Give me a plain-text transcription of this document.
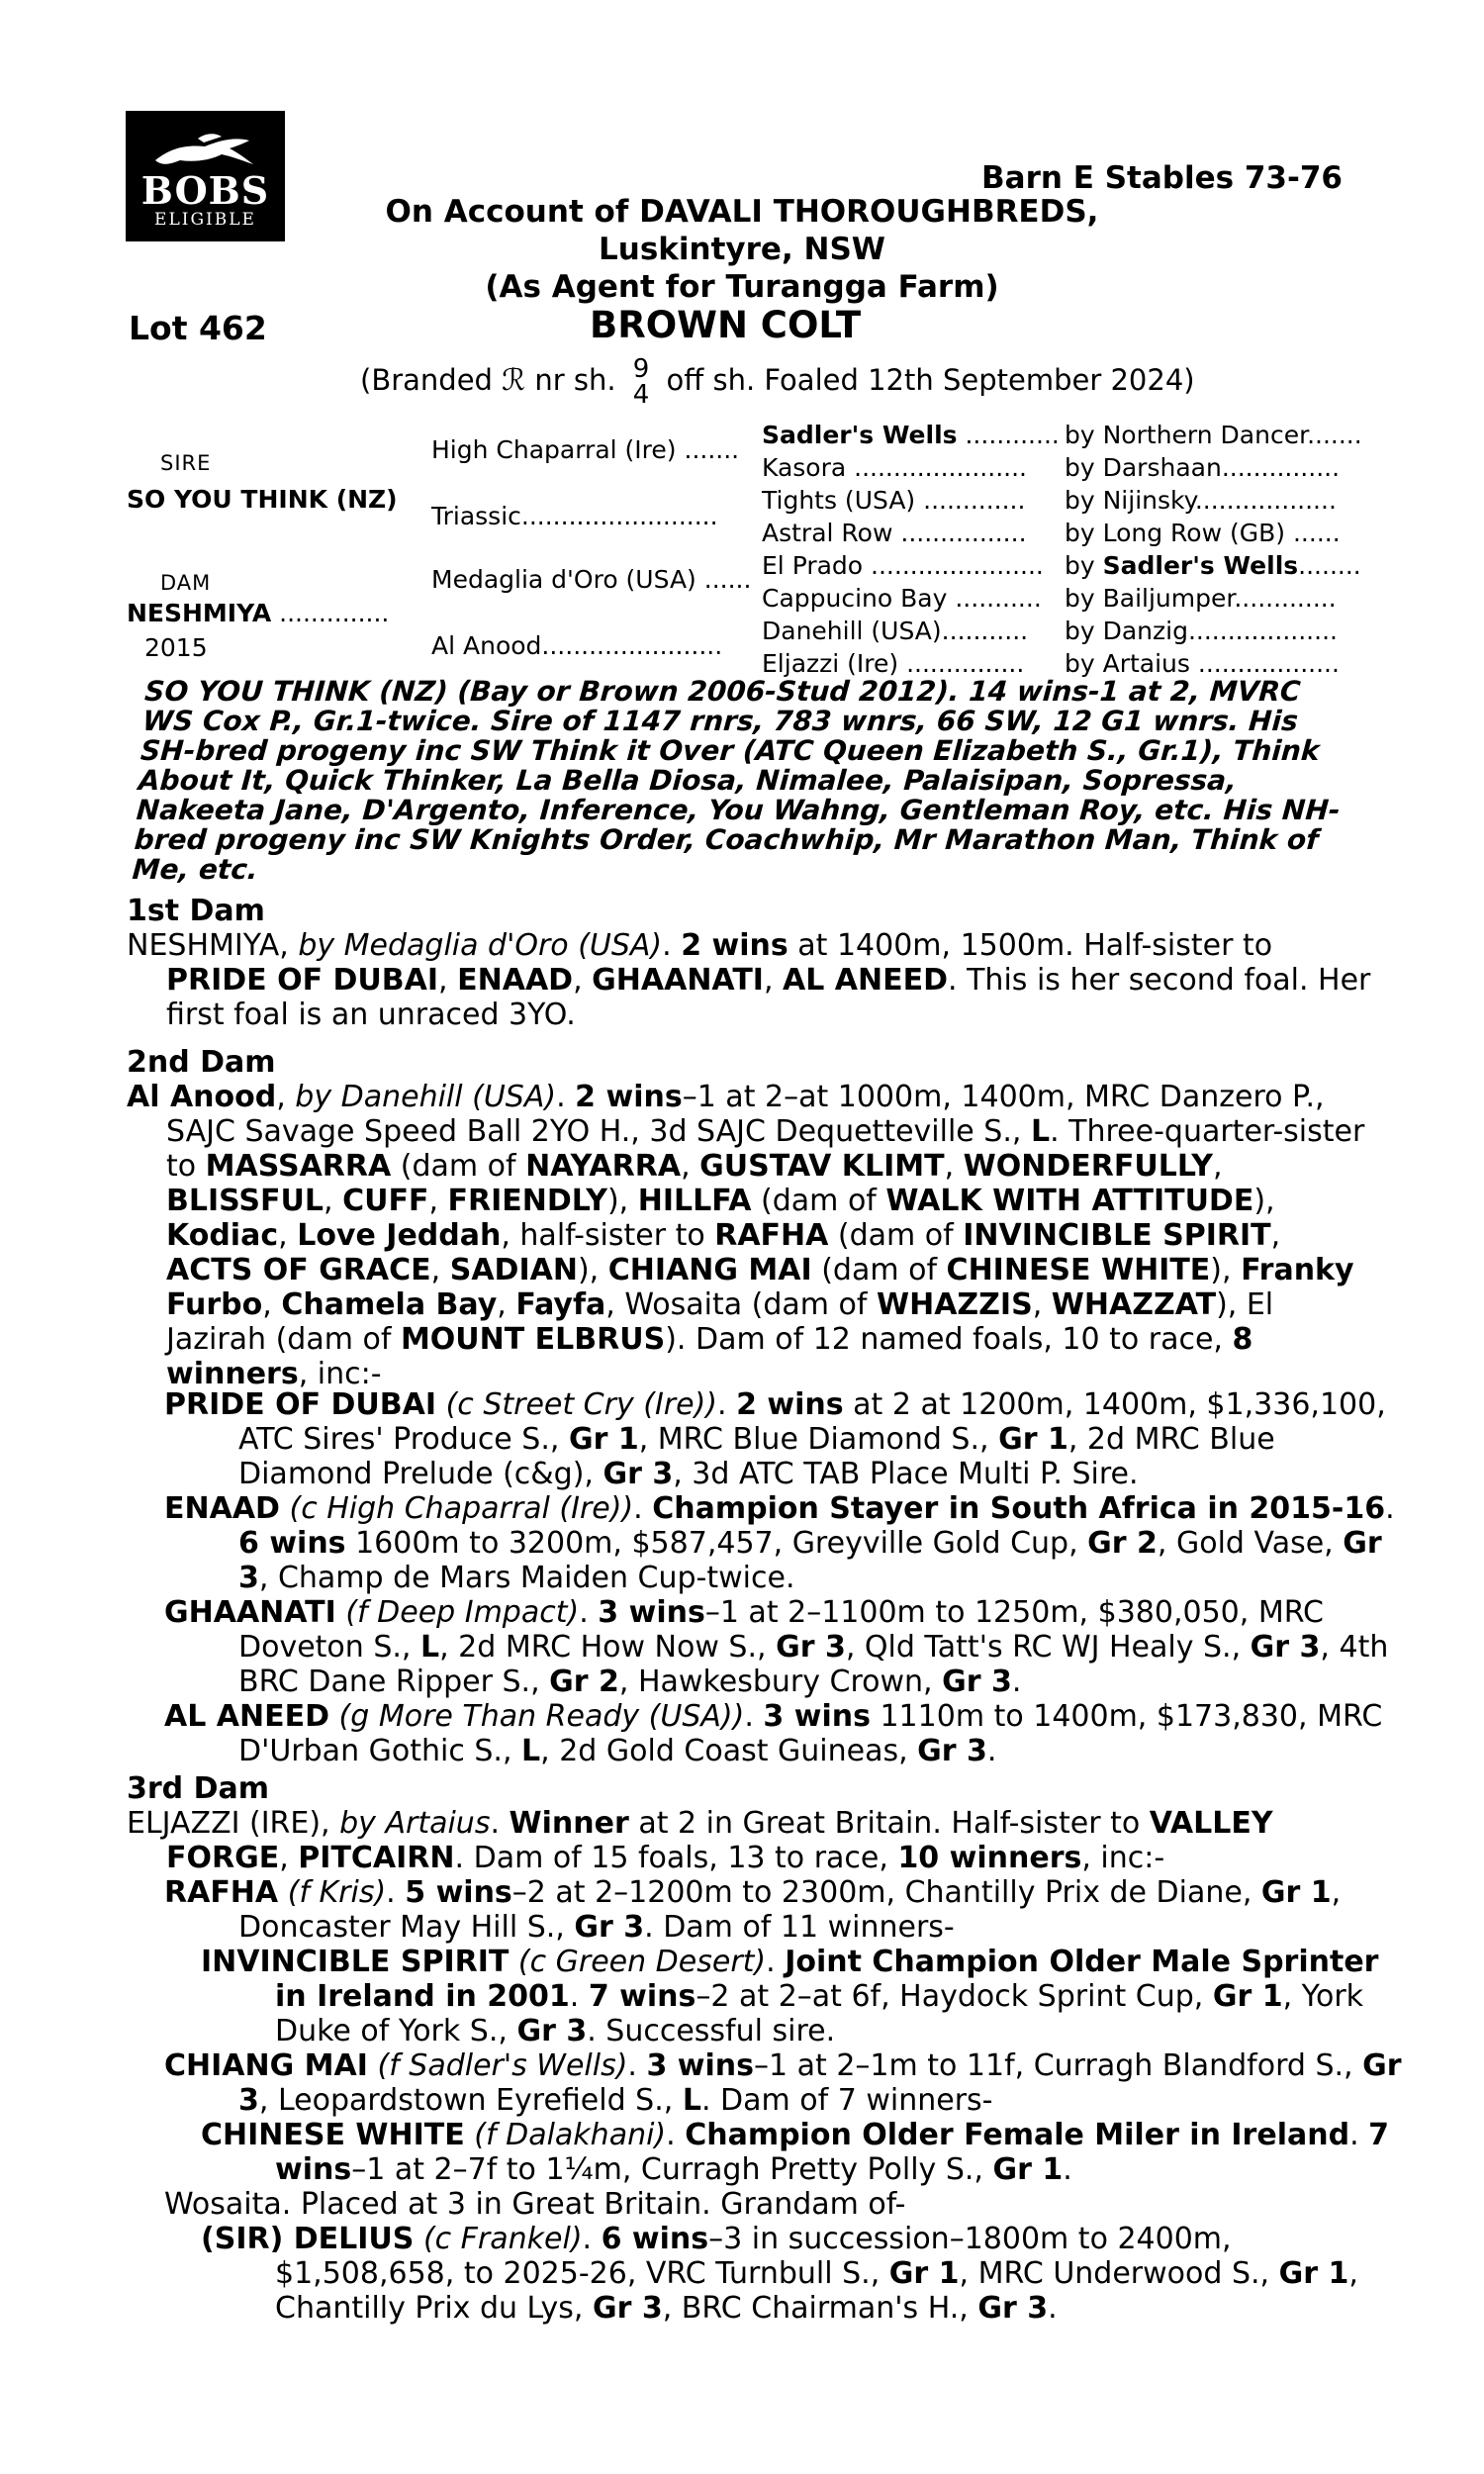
BOBS
ELIGIBLE
Barn E Stables 73-76
On Account of DAVALI THOROUGHBREDS,
Luskintyre, NSW
(As Agent for Turangga Farm)
Lot 462	BROWN COLT
(Branded ℛ nr sh. 9
4 off sh. Foaled 12th September 2024)
SIRE
SO YOU THINK (NZ)
DAM
NESHMIYA ..............
2015
High Chaparral (Ire) .......
Triassic.........................
Medaglia d'Oro (USA) ......
Al Anood.......................
Sadler's Wells ............
Kasora ......................
Tights (USA) .............
Astral Row ................
El Prado ......................
Cappucino Bay ...........
Danehill (USA)...........
Eljazzi (Ire) ...............
by Northern Dancer.......
by Darshaan...............
by Nijinsky..................
by Long Row (GB) ......
by Sadler's Wells........
by Bailjumper.............
by Danzig...................
by Artaius ..................
SO YOU THINK (NZ) (Bay or Brown 2006-Stud 2012). 14 wins-1 at 2, MVRC WS Cox P., Gr.1-twice. Sire of 1147 rnrs, 783 wnrs, 66 SW, 12 G1 wnrs. His SH-bred progeny inc SW Think it Over (ATC Queen Elizabeth S., Gr.1), Think About It, Quick Thinker, La Bella Diosa, Nimalee, Palaisipan, Sopressa, Nakeeta Jane, D'Argento, Inference, You Wahng, Gentleman Roy, etc. His NH-bred progeny inc SW Knights Order, Coachwhip, Mr Marathon Man, Think of Me, etc.
1st Dam
NESHMIYA, by Medaglia d'Oro (USA). 2 wins at 1400m, 1500m. Half-sister to PRIDE OF DUBAI, ENAAD, GHAANATI, AL ANEED. This is her second foal. Her first foal is an unraced 3YO.
2nd Dam
Al Anood, by Danehill (USA). 2 wins–1 at 2–at 1000m, 1400m, MRC Danzero P., SAJC Savage Speed Ball 2YO H., 3d SAJC Dequetteville S., L. Three-quarter-sister to MASSARRA (dam of NAYARRA, GUSTAV KLIMT, WONDERFULLY, BLISSFUL, CUFF, FRIENDLY), HILLFA (dam of WALK WITH ATTITUDE), Kodiac, Love Jeddah, half-sister to RAFHA (dam of INVINCIBLE SPIRIT, ACTS OF GRACE, SADIAN), CHIANG MAI (dam of CHINESE WHITE), Franky Furbo, Chamela Bay, Fayfa, Wosaita (dam of WHAZZIS, WHAZZAT), El Jazirah (dam of MOUNT ELBRUS). Dam of 12 named foals, 10 to race, 8 winners, inc:-
PRIDE OF DUBAI (c Street Cry (Ire)). 2 wins at 2 at 1200m, 1400m, $1,336,100, ATC Sires' Produce S., Gr 1, MRC Blue Diamond S., Gr 1, 2d MRC Blue Diamond Prelude (c&g), Gr 3, 3d ATC TAB Place Multi P. Sire.
ENAAD (c High Chaparral (Ire)). Champion Stayer in South Africa in 2015-16. 6 wins 1600m to 3200m, $587,457, Greyville Gold Cup, Gr 2, Gold Vase, Gr 3, Champ de Mars Maiden Cup-twice.
GHAANATI (f Deep Impact). 3 wins–1 at 2–1100m to 1250m, $380,050, MRC Doveton S., L, 2d MRC How Now S., Gr 3, Qld Tatt's RC WJ Healy S., Gr 3, 4th BRC Dane Ripper S., Gr 2, Hawkesbury Crown, Gr 3.
AL ANEED (g More Than Ready (USA)). 3 wins 1110m to 1400m, $173,830, MRC D'Urban Gothic S., L, 2d Gold Coast Guineas, Gr 3.
3rd Dam
ELJAZZI (IRE), by Artaius. Winner at 2 in Great Britain. Half-sister to VALLEY FORGE, PITCAIRN. Dam of 15 foals, 13 to race, 10 winners, inc:-
RAFHA (f Kris). 5 wins–2 at 2–1200m to 2300m, Chantilly Prix de Diane, Gr 1, Doncaster May Hill S., Gr 3. Dam of 11 winners-
INVINCIBLE SPIRIT (c Green Desert). Joint Champion Older Male Sprinter in Ireland in 2001. 7 wins–2 at 2–at 6f, Haydock Sprint Cup, Gr 1, York Duke of York S., Gr 3. Successful sire.
CHIANG MAI (f Sadler's Wells). 3 wins–1 at 2–1m to 11f, Curragh Blandford S., Gr 3, Leopardstown Eyrefield S., L. Dam of 7 winners-
CHINESE WHITE (f Dalakhani). Champion Older Female Miler in Ireland. 7 wins–1 at 2–7f to 1¼m, Curragh Pretty Polly S., Gr 1.
Wosaita. Placed at 3 in Great Britain. Grandam of-
(SIR) DELIUS (c Frankel). 6 wins–3 in succession–1800m to 2400m, $1,508,658, to 2025-26, VRC Turnbull S., Gr 1, MRC Underwood S., Gr 1, Chantilly Prix du Lys, Gr 3, BRC Chairman's H., Gr 3.
